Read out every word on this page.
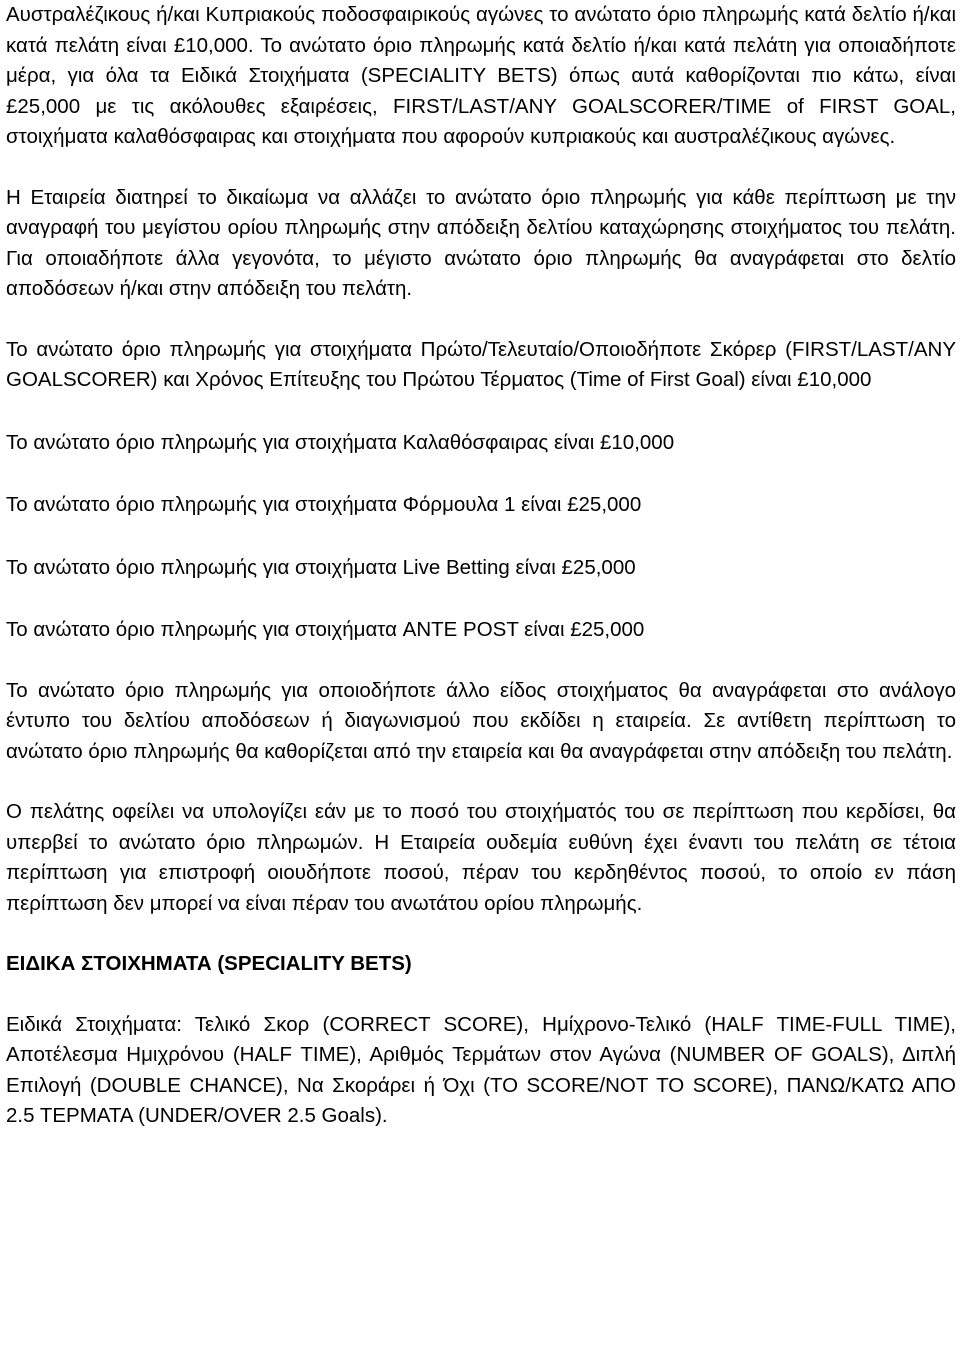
Αυστραλέζικους ή/και Κυπριακούς ποδοσφαιρικούς αγώνες το ανώτατο όριο πληρωμής κατά δελτίο ή/και κατά πελάτη είναι £10,000. Το ανώτατο όριο πληρωμής κατά δελτίο ή/και κατά πελάτη για οποιαδήποτε μέρα, για όλα τα Ειδικά Στοιχήματα (SPECIALITY BETS) όπως αυτά καθορίζονται πιο κάτω, είναι £25,000 με τις ακόλουθες εξαιρέσεις, FIRST/LAST/ANY GOALSCORER/TIME of FIRST GOAL, στοιχήματα καλαθόσφαιρας και στοιχήματα που αφορούν κυπριακούς και αυστραλέζικους αγώνες.

Η Εταιρεία διατηρεί το δικαίωμα να αλλάζει το ανώτατο όριο πληρωμής για κάθε περίπτωση με την αναγραφή του μεγίστου ορίου πληρωμής στην απόδειξη δελτίου καταχώρησης στοιχήματος του πελάτη. Για οποιαδήποτε άλλα γεγονότα, το μέγιστο ανώτατο όριο πληρωμής θα αναγράφεται στο δελτίο αποδόσεων ή/και στην απόδειξη του πελάτη.

Το ανώτατο όριο πληρωμής για στοιχήματα Πρώτο/Τελευταίο/Οποιοδήποτε Σκόρερ (FIRST/LAST/ANY GOALSCORER) και Χρόνος Επίτευξης του Πρώτου Τέρματος (Time of First Goal) είναι £10,000

Το ανώτατο όριο πληρωμής για στοιχήματα Καλαθόσφαιρας είναι £10,000

Το ανώτατο όριο πληρωμής για στοιχήματα Φόρμουλα 1 είναι £25,000

Το ανώτατο όριο πληρωμής για στοιχήματα Live Betting είναι £25,000

Το ανώτατο όριο πληρωμής για στοιχήματα ANTE POST είναι £25,000

Το ανώτατο όριο πληρωμής για οποιοδήποτε άλλο είδος στοιχήματος θα αναγράφεται στο ανάλογο έντυπο του δελτίου αποδόσεων ή διαγωνισμού που εκδίδει η εταιρεία. Σε αντίθετη περίπτωση το ανώτατο όριο πληρωμής θα καθορίζεται από την εταιρεία και θα αναγράφεται στην απόδειξη του πελάτη.

Ο πελάτης οφείλει να υπολογίζει εάν με το ποσό του στοιχήματός του σε περίπτωση που κερδίσει, θα υπερβεί το ανώτατο όριο πληρωμών. Η Εταιρεία ουδεμία ευθύνη έχει έναντι του πελάτη σε τέτοια περίπτωση για επιστροφή οιουδήποτε ποσού, πέραν του κερδηθέντος ποσού, το οποίο εν πάση περίπτωση δεν μπορεί να είναι πέραν του ανωτάτου ορίου πληρωμής.

ΕΙΔΙΚΑ ΣΤΟΙΧΗΜΑΤΑ (SPECIALITY BETS)

Ειδικά Στοιχήματα: Τελικό Σκορ (CORRECT SCORE), Ημίχρονο-Τελικό (HALF TIME-FULL TIME), Αποτέλεσμα Ημιχρόνου (HALF TIME), Αριθμός Τερμάτων στον Αγώνα (NUMBER OF GOALS), Διπλή Επιλογή (DOUBLE CHANCE), Να Σκοράρει ή Όχι (TO SCORE/NOT TO SCORE), ΠΑΝΩ/ΚΑΤΩ ΑΠΟ 2.5 ΤΕΡΜΑΤΑ (UNDER/OVER 2.5 Goals).
